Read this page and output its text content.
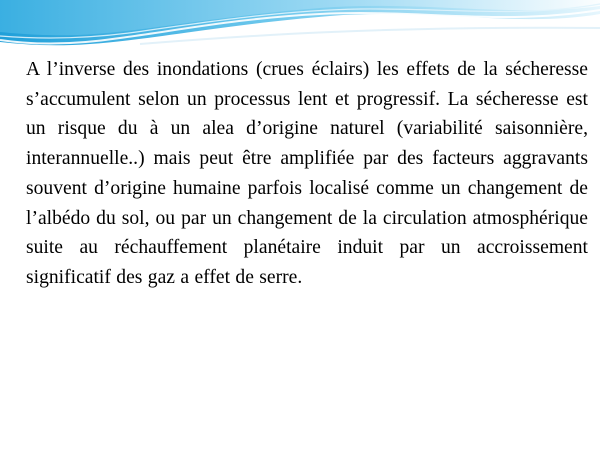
A l’inverse des inondations (crues éclairs) les effets de la sécheresse s’accumulent selon un processus lent et progressif. La sécheresse est un risque du à un alea d’origine naturel (variabilité saisonnière, interannuelle..) mais peut être amplifiée par des facteurs aggravants souvent d’origine humaine parfois localisé comme un changement de l’albédo du sol, ou par un changement de la circulation atmosphérique suite au réchauffement planétaire induit par un accroissement significatif des gaz a effet de serre.
